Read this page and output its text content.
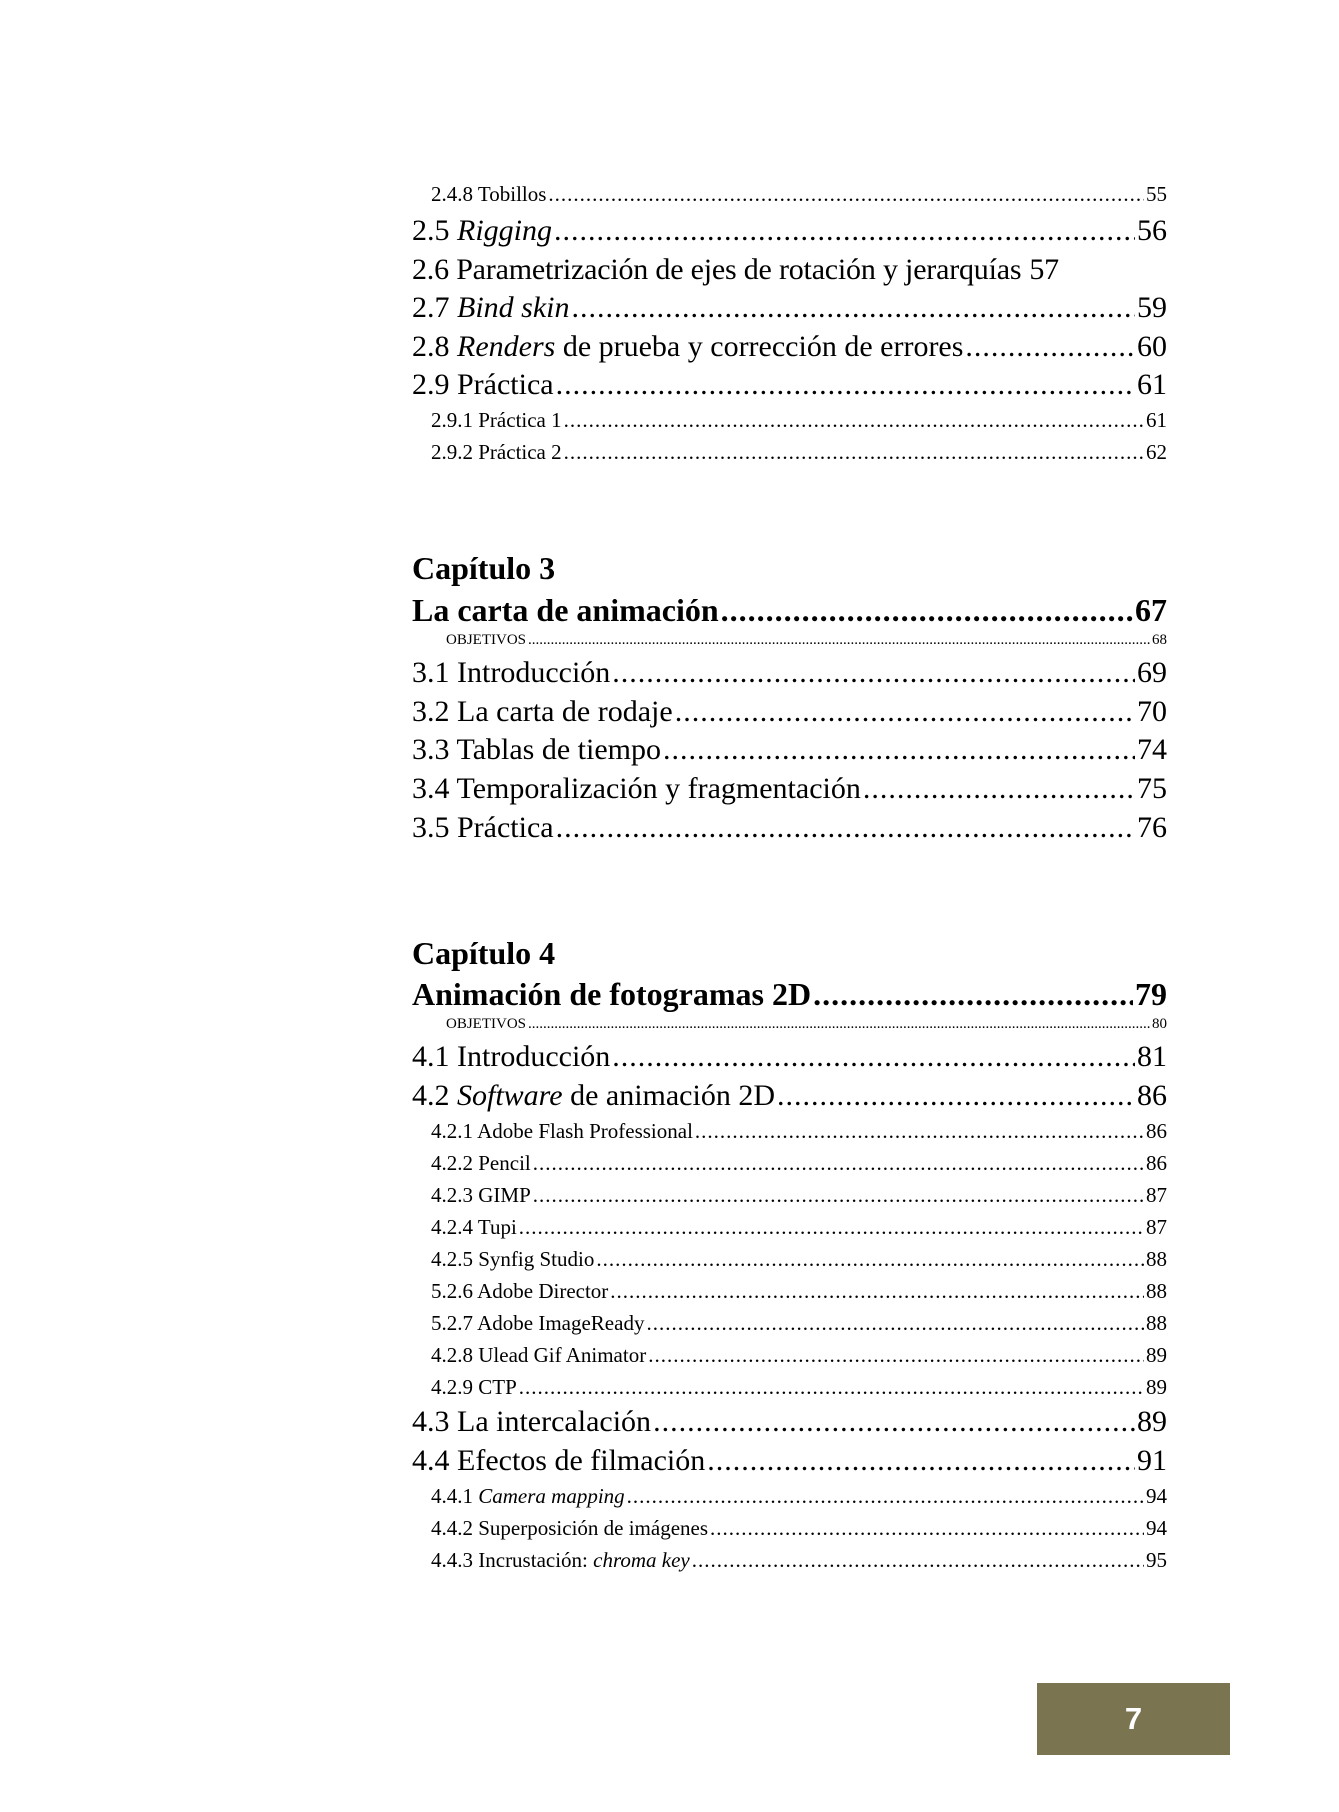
2.4.8 Tobillos .....	55
2.5 Rigging .....	56
2.6 Parametrización de ejes de rotación y jerarquías 57
2.7 Bind skin .....	59
2.8 Renders de prueba y corrección de errores .....	60
2.9 Práctica .....	61
2.9.1 Práctica 1 .....	61
2.9.2 Práctica 2 .....	62
Capítulo 3
La carta de animación .....	67
OBJETIVOS .....	68
3.1 Introducción .....	69
3.2 La carta de rodaje .....	70
3.3 Tablas de tiempo .....	74
3.4 Temporalización y fragmentación .....	75
3.5 Práctica .....	76
Capítulo 4
Animación de fotogramas 2D .....	79
OBJETIVOS .....	80
4.1 Introducción .....	81
4.2 Software de animación 2D .....	86
4.2.1 Adobe Flash Professional .....	86
4.2.2 Pencil .....	86
4.2.3 GIMP .....	87
4.2.4 Tupi .....	87
4.2.5 Synfig Studio .....	88
5.2.6 Adobe Director .....	88
5.2.7 Adobe ImageReady .....	88
4.2.8 Ulead Gif Animator .....	89
4.2.9 CTP .....	89
4.3 La intercalación .....	89
4.4 Efectos de filmación .....	91
4.4.1 Camera mapping .....	94
4.4.2 Superposición de imágenes .....	94
4.4.3 Incrustación: chroma key .....	95
7
